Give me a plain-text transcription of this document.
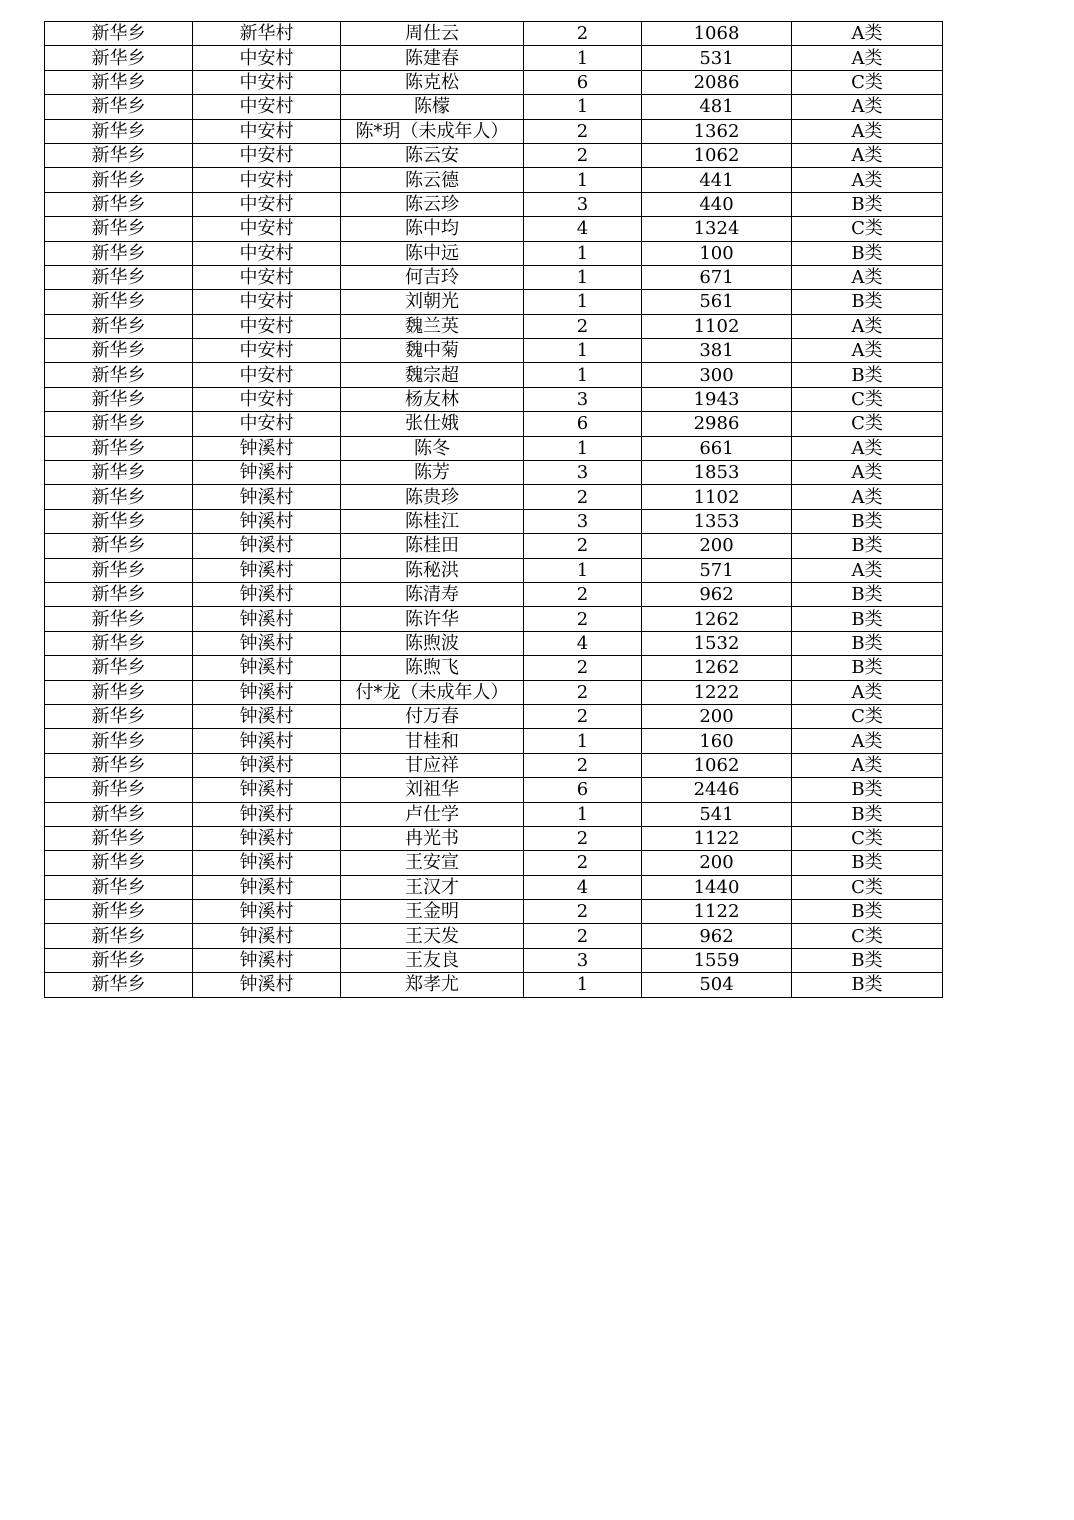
新华乡	新华村	周仕云	2	1068	A类
新华乡	中安村	陈建春	1	531	A类
新华乡	中安村	陈克松	6	2086	C类
新华乡	中安村	陈檬	1	481	A类
新华乡	中安村	陈*玥（未成年人）	2	1362	A类
新华乡	中安村	陈云安	2	1062	A类
新华乡	中安村	陈云德	1	441	A类
新华乡	中安村	陈云珍	3	440	B类
新华乡	中安村	陈中均	4	1324	C类
新华乡	中安村	陈中远	1	100	B类
新华乡	中安村	何吉玲	1	671	A类
新华乡	中安村	刘朝光	1	561	B类
新华乡	中安村	魏兰英	2	1102	A类
新华乡	中安村	魏中菊	1	381	A类
新华乡	中安村	魏宗超	1	300	B类
新华乡	中安村	杨友林	3	1943	C类
新华乡	中安村	张仕娥	6	2986	C类
新华乡	钟溪村	陈冬	1	661	A类
新华乡	钟溪村	陈芳	3	1853	A类
新华乡	钟溪村	陈贵珍	2	1102	A类
新华乡	钟溪村	陈桂江	3	1353	B类
新华乡	钟溪村	陈桂田	2	200	B类
新华乡	钟溪村	陈秘洪	1	571	A类
新华乡	钟溪村	陈清寿	2	962	B类
新华乡	钟溪村	陈许华	2	1262	B类
新华乡	钟溪村	陈煦波	4	1532	B类
新华乡	钟溪村	陈煦飞	2	1262	B类
新华乡	钟溪村	付*龙（未成年人）	2	1222	A类
新华乡	钟溪村	付万春	2	200	C类
新华乡	钟溪村	甘桂和	1	160	A类
新华乡	钟溪村	甘应祥	2	1062	A类
新华乡	钟溪村	刘祖华	6	2446	B类
新华乡	钟溪村	卢仕学	1	541	B类
新华乡	钟溪村	冉光书	2	1122	C类
新华乡	钟溪村	王安宣	2	200	B类
新华乡	钟溪村	王汉才	4	1440	C类
新华乡	钟溪村	王金明	2	1122	B类
新华乡	钟溪村	王天发	2	962	C类
新华乡	钟溪村	王友良	3	1559	B类
新华乡	钟溪村	郑孝尤	1	504	B类
